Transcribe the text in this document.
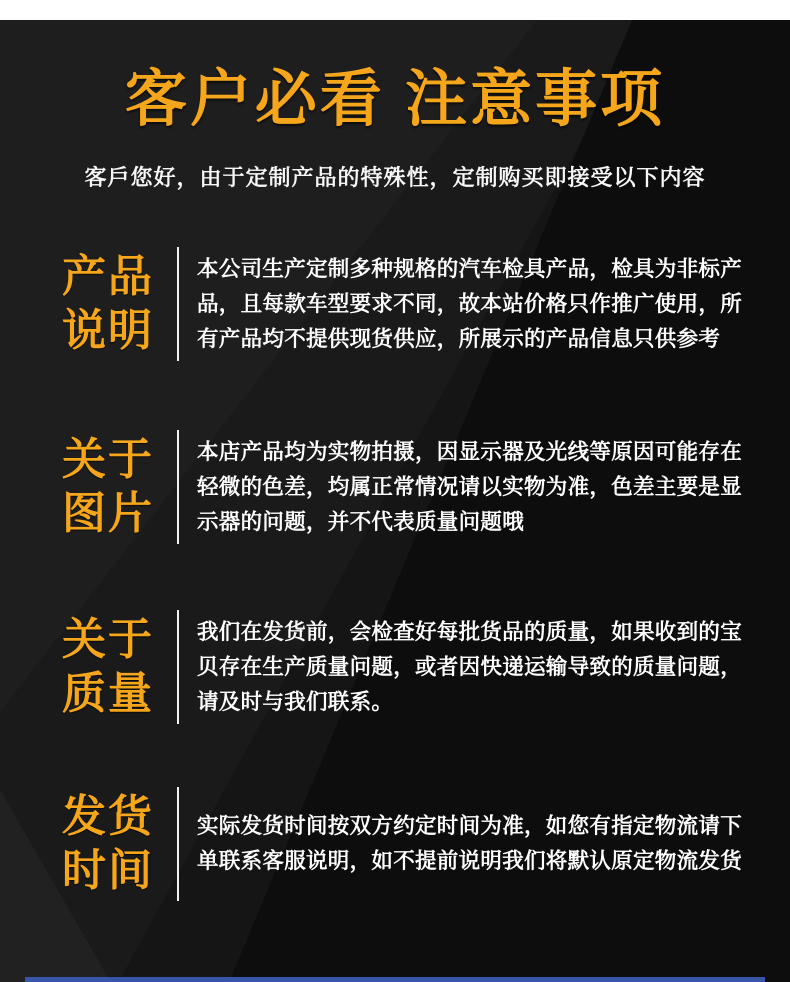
客户必看 注意事项

客戶您好，由于定制产品的特殊性，定制购买即接受以下内容

产品
说明
本公司生产定制多种规格的汽车检具产品，检具为非标产品，且每款车型要求不同，故本站价格只作推广使用，所有产品均不提供现货供应，所展示的产品信息只供参考
关于
图片
本店产品均为实物拍摄，因显示器及光线等原因可能存在轻微的色差，均属正常情况请以实物为准，色差主要是显示器的问题，并不代表质量问题哦
关于
质量
我们在发货前，会检查好每批货品的质量，如果收到的宝贝存在生产质量问题，或者因快递运输导致的质量问题，请及时与我们联系。
发货
时间
实际发货时间按双方约定时间为准，如您有指定物流请下单联系客服说明，如不提前说明我们将默认原定物流发货
